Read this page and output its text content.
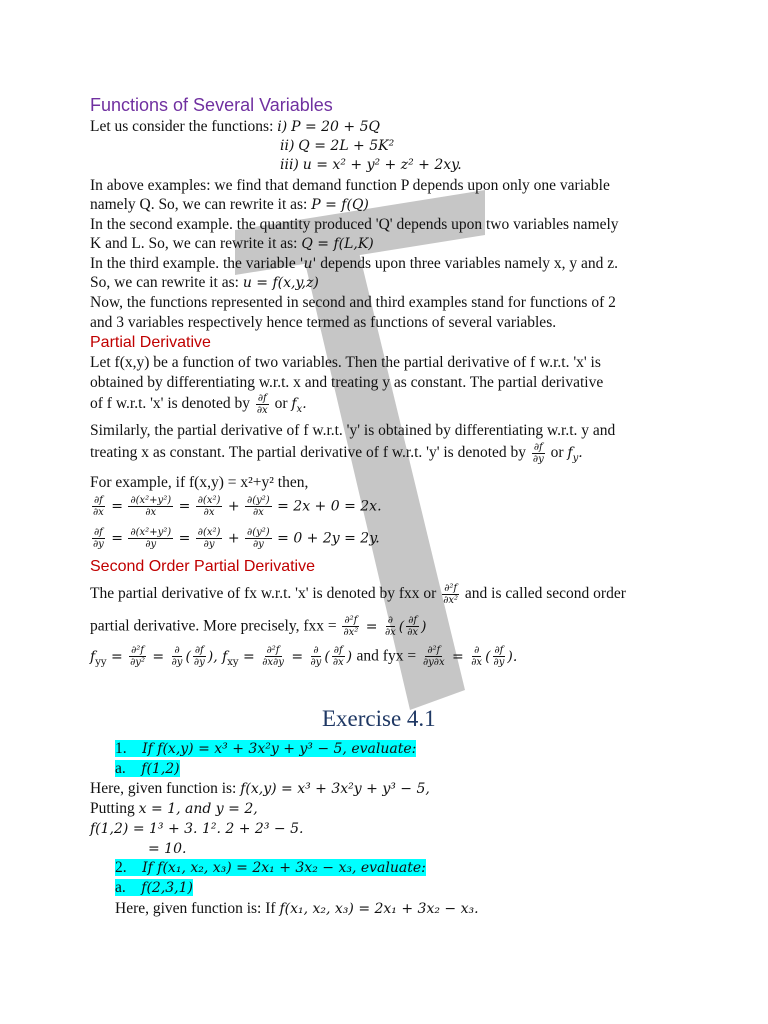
Functions of Several Variables
Let us consider the functions: i) P = 20 + 5Q
ii) Q = 2L + 5K²
iii) u = x² + y² + z² + 2xy.
In above examples: we find that demand function P depends upon only one variable
namely Q. So, we can rewrite it as: P = f(Q)
In the second example. the quantity produced 'Q' depends upon two variables namely
K and L. So, we can rewrite it as: Q = f(L,K)
In the third example. the variable 'u' depends upon three variables namely x, y and z.
So, we can rewrite it as: u = f(x,y,z)
Now, the functions represented in second and third examples stand for functions of 2
and 3 variables respectively hence termed as functions of several variables.
Partial Derivative
Let f(x,y) be a function of two variables. Then the partial derivative of f w.r.t. 'x' is
obtained by differentiating w.r.t. x and treating y as constant. The partial derivative
of f w.r.t. 'x' is denoted by $\frac{\partial f}{\partial x}$ or $f_x$.
Similarly, the partial derivative of f w.r.t. 'y' is obtained by differentiating w.r.t. y and
treating x as constant. The partial derivative of f w.r.t. 'y' is denoted by $\frac{\partial f}{\partial y}$ or $f_y$.
For example, if f(x,y) = x²+y² then,
$\frac{\partial f}{\partial x} = \frac{\text{∂(x²+y²)}}{\partial x} = \frac{\text{∂(x²)}}{\partial x} + \frac{\text{∂(y²)}}{\partial x} = 2x + 0 = 2x$.
$\frac{\partial f}{\partial y} = \frac{\text{∂(x²+y²)}}{\partial y} = \frac{\text{∂(x²)}}{\partial y} + \frac{\text{∂(y²)}}{\partial y} = 0 + 2y = 2y$.
Second Order Partial Derivative
The partial derivative of fx w.r.t. 'x' is denoted by fxx or $\frac{\text{∂²f}}{\text{∂x²}}$ and is called second order
partial derivative. More precisely, fxx = $\frac{\text{∂²f}}{\text{∂x²}} = \frac{\partial}{\partial x}$ ( $\frac{\partial f}{\partial x}$ )
$f_{yy} = \frac{\text{∂²f}}{\text{∂y²}} = \frac{\partial}{\partial y}$ ( $\frac{\partial f}{\partial y}$ ), $f_{xy} = \frac{\text{∂²f}}{\partial x\partial y} = \frac{\partial}{\partial y}$ ( $\frac{\partial f}{\partial x}$ ) and fyx = $\frac{\text{∂²f}}{\partial y\partial x} = \frac{\partial}{\partial x}$ ( $\frac{\partial f}{\partial y}$ ).
Exercise 4.1
1. If f(x,y) = x³ + 3x²y + y³ − 5, evaluate:
a. f(1,2)
Here, given function is: f(x,y) = x³ + 3x²y + y³ − 5,
Putting x = 1, and y = 2,
f(1,2) = 1³ + 3. 1². 2 + 2³ − 5.
= 10.
2. If f(x₁, x₂, x₃) = 2x₁ + 3x₂ − x₃, evaluate:
a. f(2,3,1)
Here, given function is: If f(x₁, x₂, x₃) = 2x₁ + 3x₂ − x₃.
